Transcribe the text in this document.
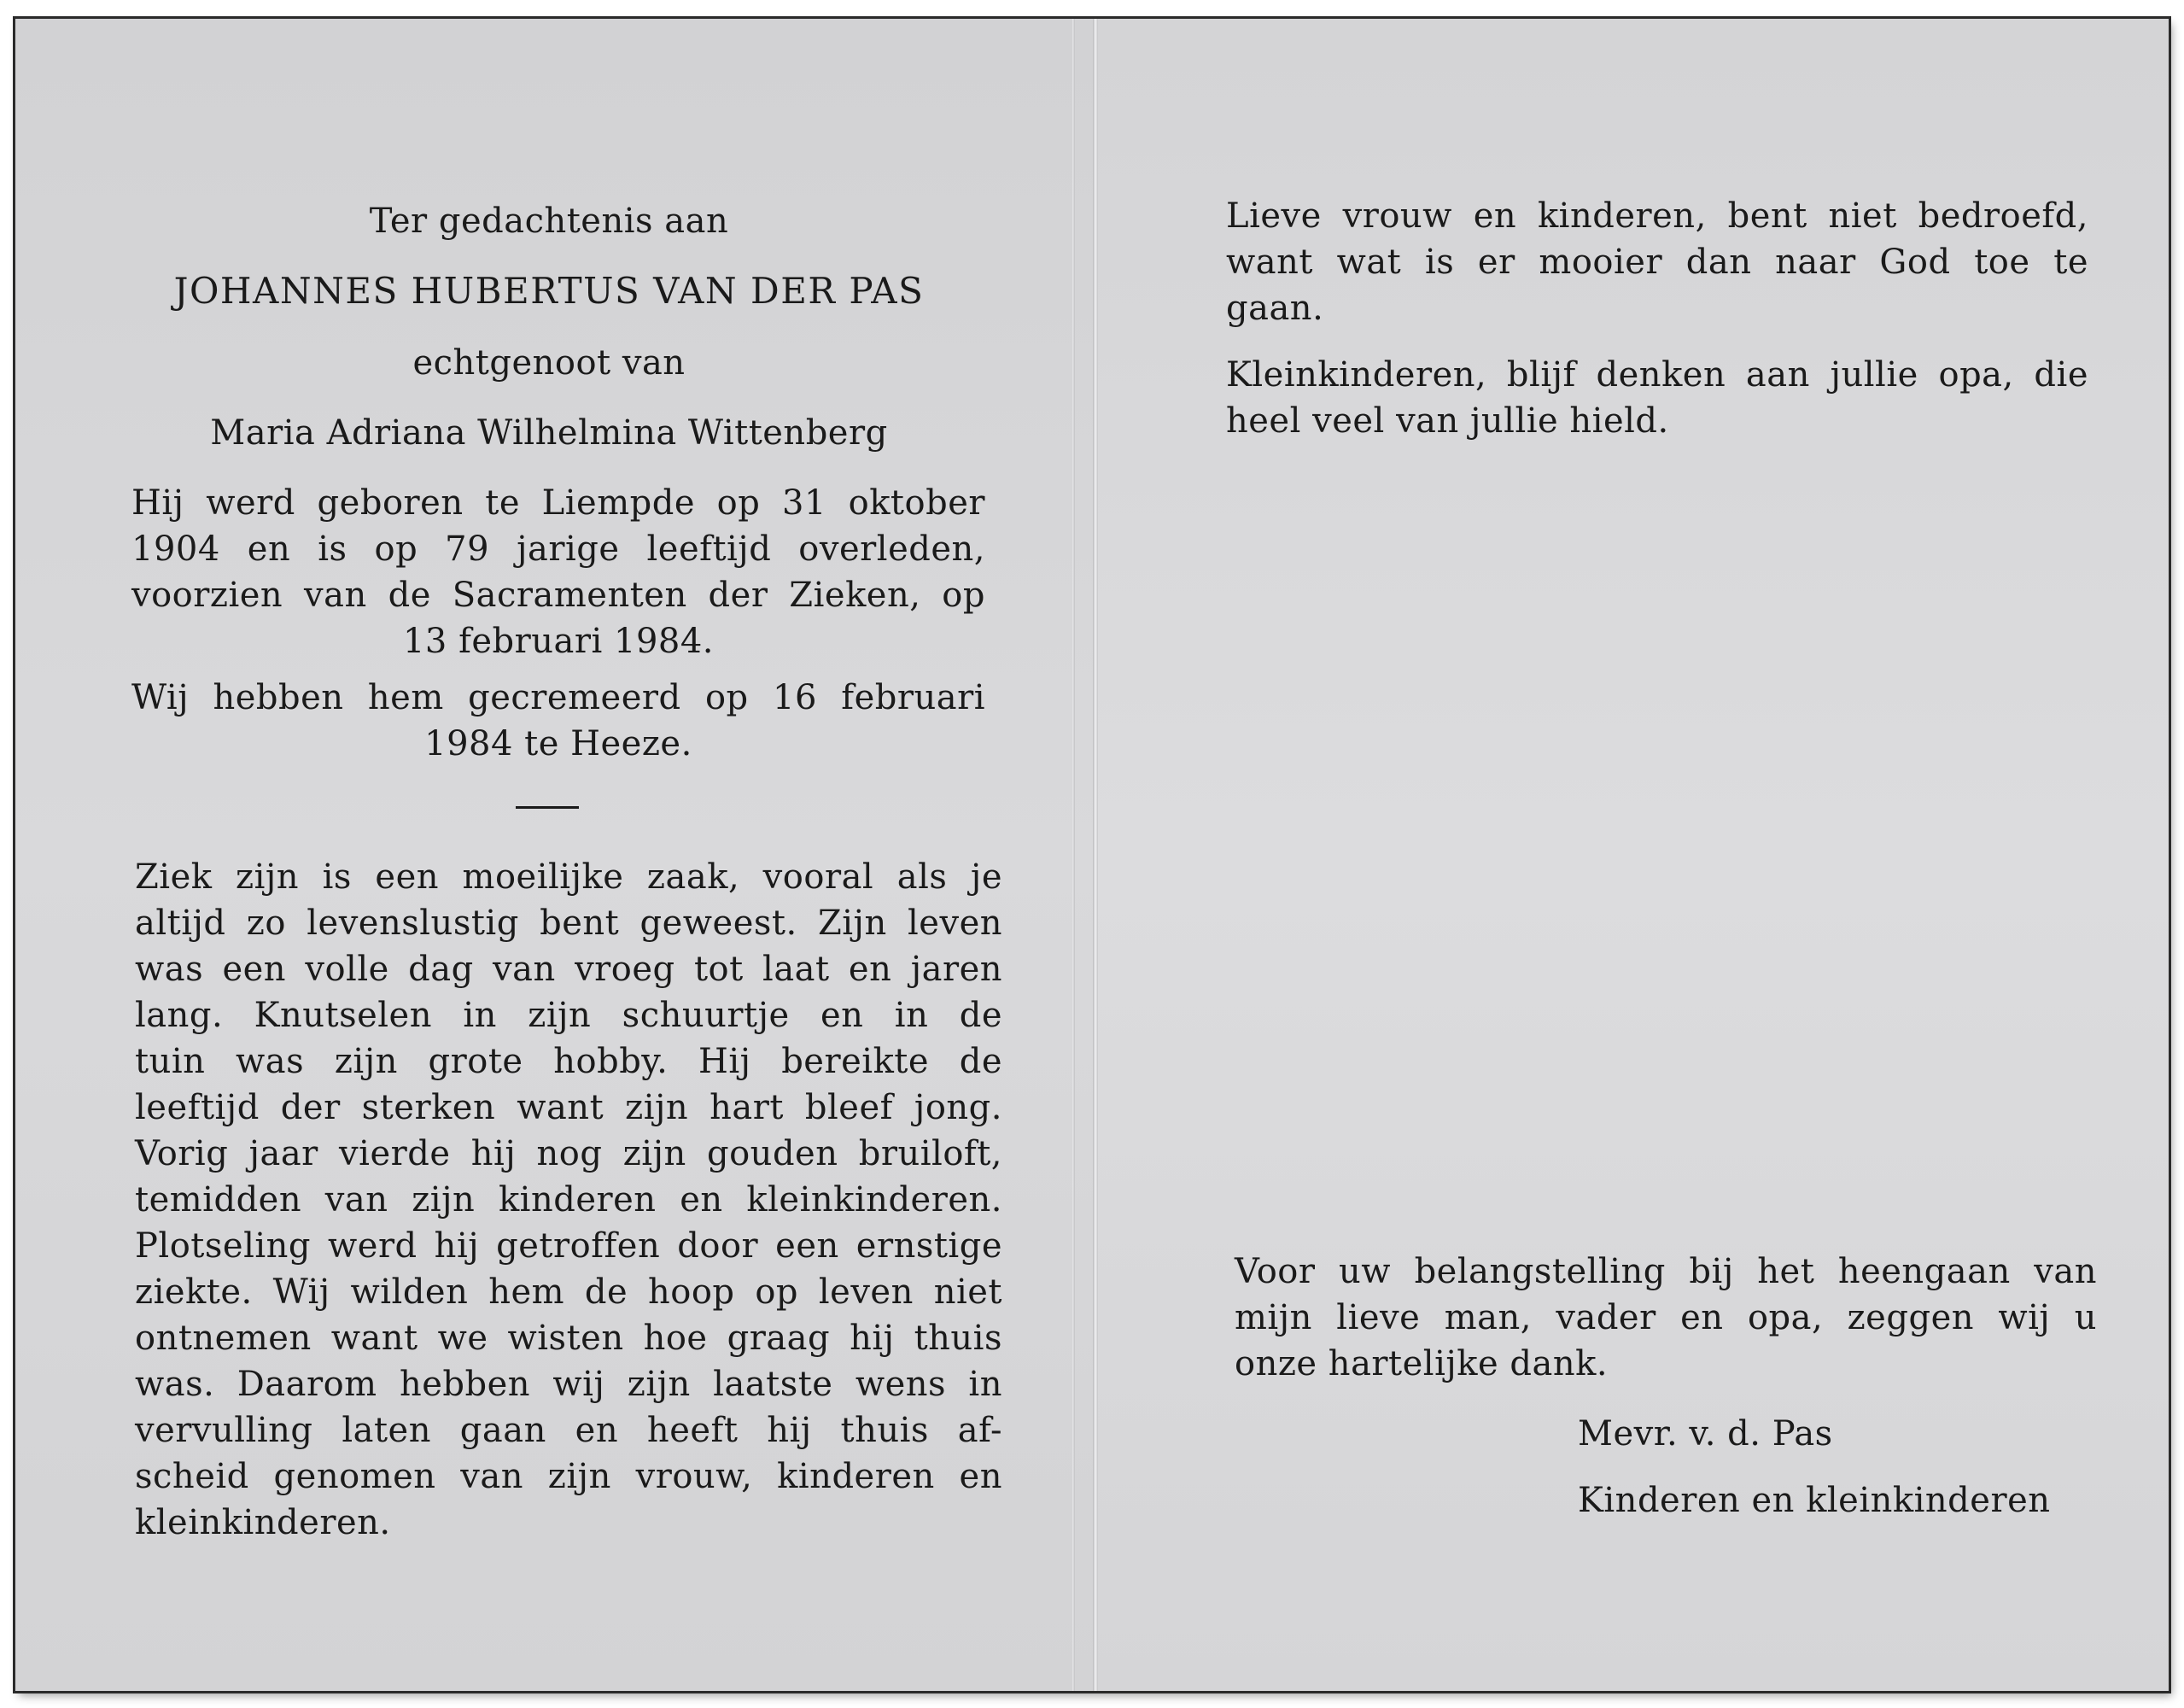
Ter gedachtenis aan
JOHANNES HUBERTUS VAN DER PAS
echtgenoot van
Maria Adriana Wilhelmina Wittenberg
Hij werd geboren te Liempde op 31 oktober
1904 en is op 79 jarige leeftijd overleden,
voorzien van de Sacramenten der Zieken, op
13 februari 1984.
Wij hebben hem gecremeerd op 16 februari
1984 te Heeze.
Ziek zijn is een moeilijke zaak, vooral als je
altijd zo levenslustig bent geweest. Zijn leven
was een volle dag van vroeg tot laat en jaren
lang. Knutselen in zijn schuurtje en in de
tuin was zijn grote hobby. Hij bereikte de
leeftijd der sterken want zijn hart bleef jong.
Vorig jaar vierde hij nog zijn gouden bruiloft,
temidden van zijn kinderen en kleinkinderen.
Plotseling werd hij getroffen door een ernstige
ziekte. Wij wilden hem de hoop op leven niet
ontnemen want we wisten hoe graag hij thuis
was. Daarom hebben wij zijn laatste wens in
vervulling laten gaan en heeft hij thuis af-
scheid genomen van zijn vrouw, kinderen en
kleinkinderen.
Lieve vrouw en kinderen, bent niet bedroefd,
want wat is er mooier dan naar God toe te
gaan.
Kleinkinderen, blijf denken aan jullie opa, die
heel veel van jullie hield.
Voor uw belangstelling bij het heengaan van
mijn lieve man, vader en opa, zeggen wij u
onze hartelijke dank.
Mevr. v. d. Pas
Kinderen en kleinkinderen
